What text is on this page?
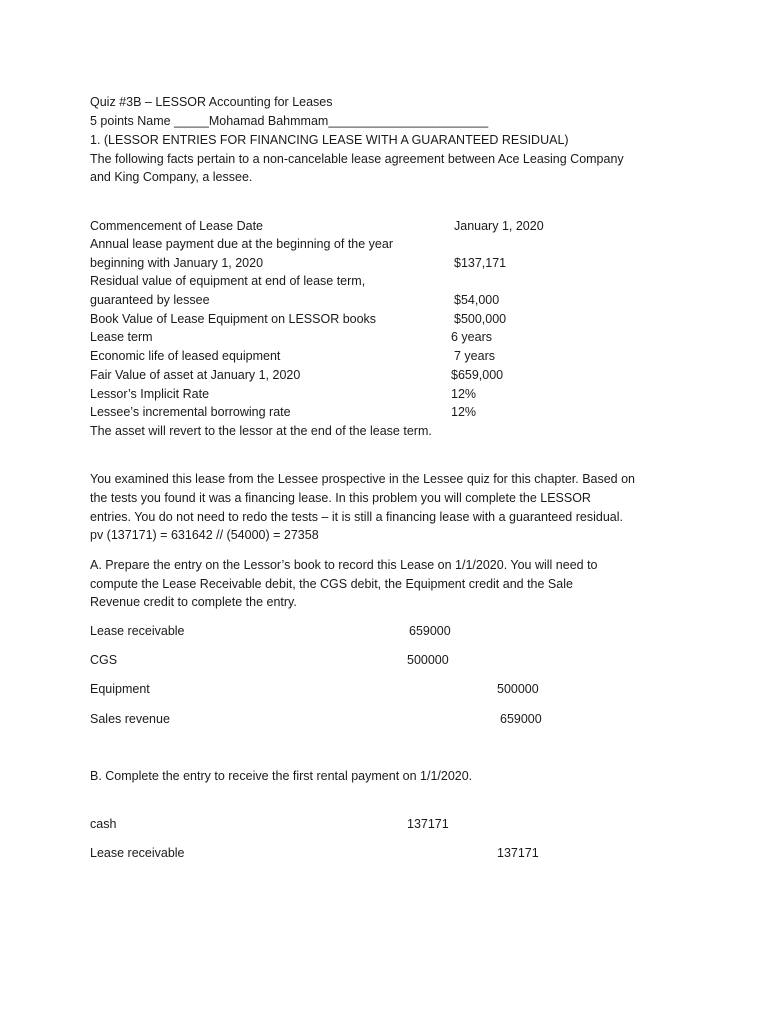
Quiz #3B – LESSOR Accounting for Leases
5 points Name _____Mohamad Bahmmam_______________________
1. (LESSOR ENTRIES FOR FINANCING LEASE WITH A GUARANTEED RESIDUAL)
The following facts pertain to a non-cancelable lease agreement between Ace Leasing Company
and King Company, a lessee.
Commencement of Lease Date	January 1, 2020
Annual lease payment due at the beginning of the year
beginning with January 1, 2020	$137,171
Residual value of equipment at end of lease term,
guaranteed by lessee	$54,000
Book Value of Lease Equipment on LESSOR books	$500,000
Lease term	6 years
Economic life of leased equipment	7 years
Fair Value of asset at January 1, 2020	$659,000
Lessor’s Implicit Rate	12%
Lessee’s incremental borrowing rate	12%
The asset will revert to the lessor at the end of the lease term.
You examined this lease from the Lessee prospective in the Lessee quiz for this chapter. Based on
the tests you found it was a financing lease. In this problem you will complete the LESSOR
entries. You do not need to redo the tests – it is still a financing lease with a guaranteed residual.
pv (137171) = 631642 // (54000) = 27358
A. Prepare the entry on the Lessor’s book to record this Lease on 1/1/2020. You will need to
compute the Lease Receivable debit, the CGS debit, the Equipment credit and the Sale
Revenue credit to complete the entry.
Lease receivable	659000
CGS	500000
Equipment	500000
Sales revenue	659000
B. Complete the entry to receive the first rental payment on 1/1/2020.
cash	137171
Lease receivable	137171
